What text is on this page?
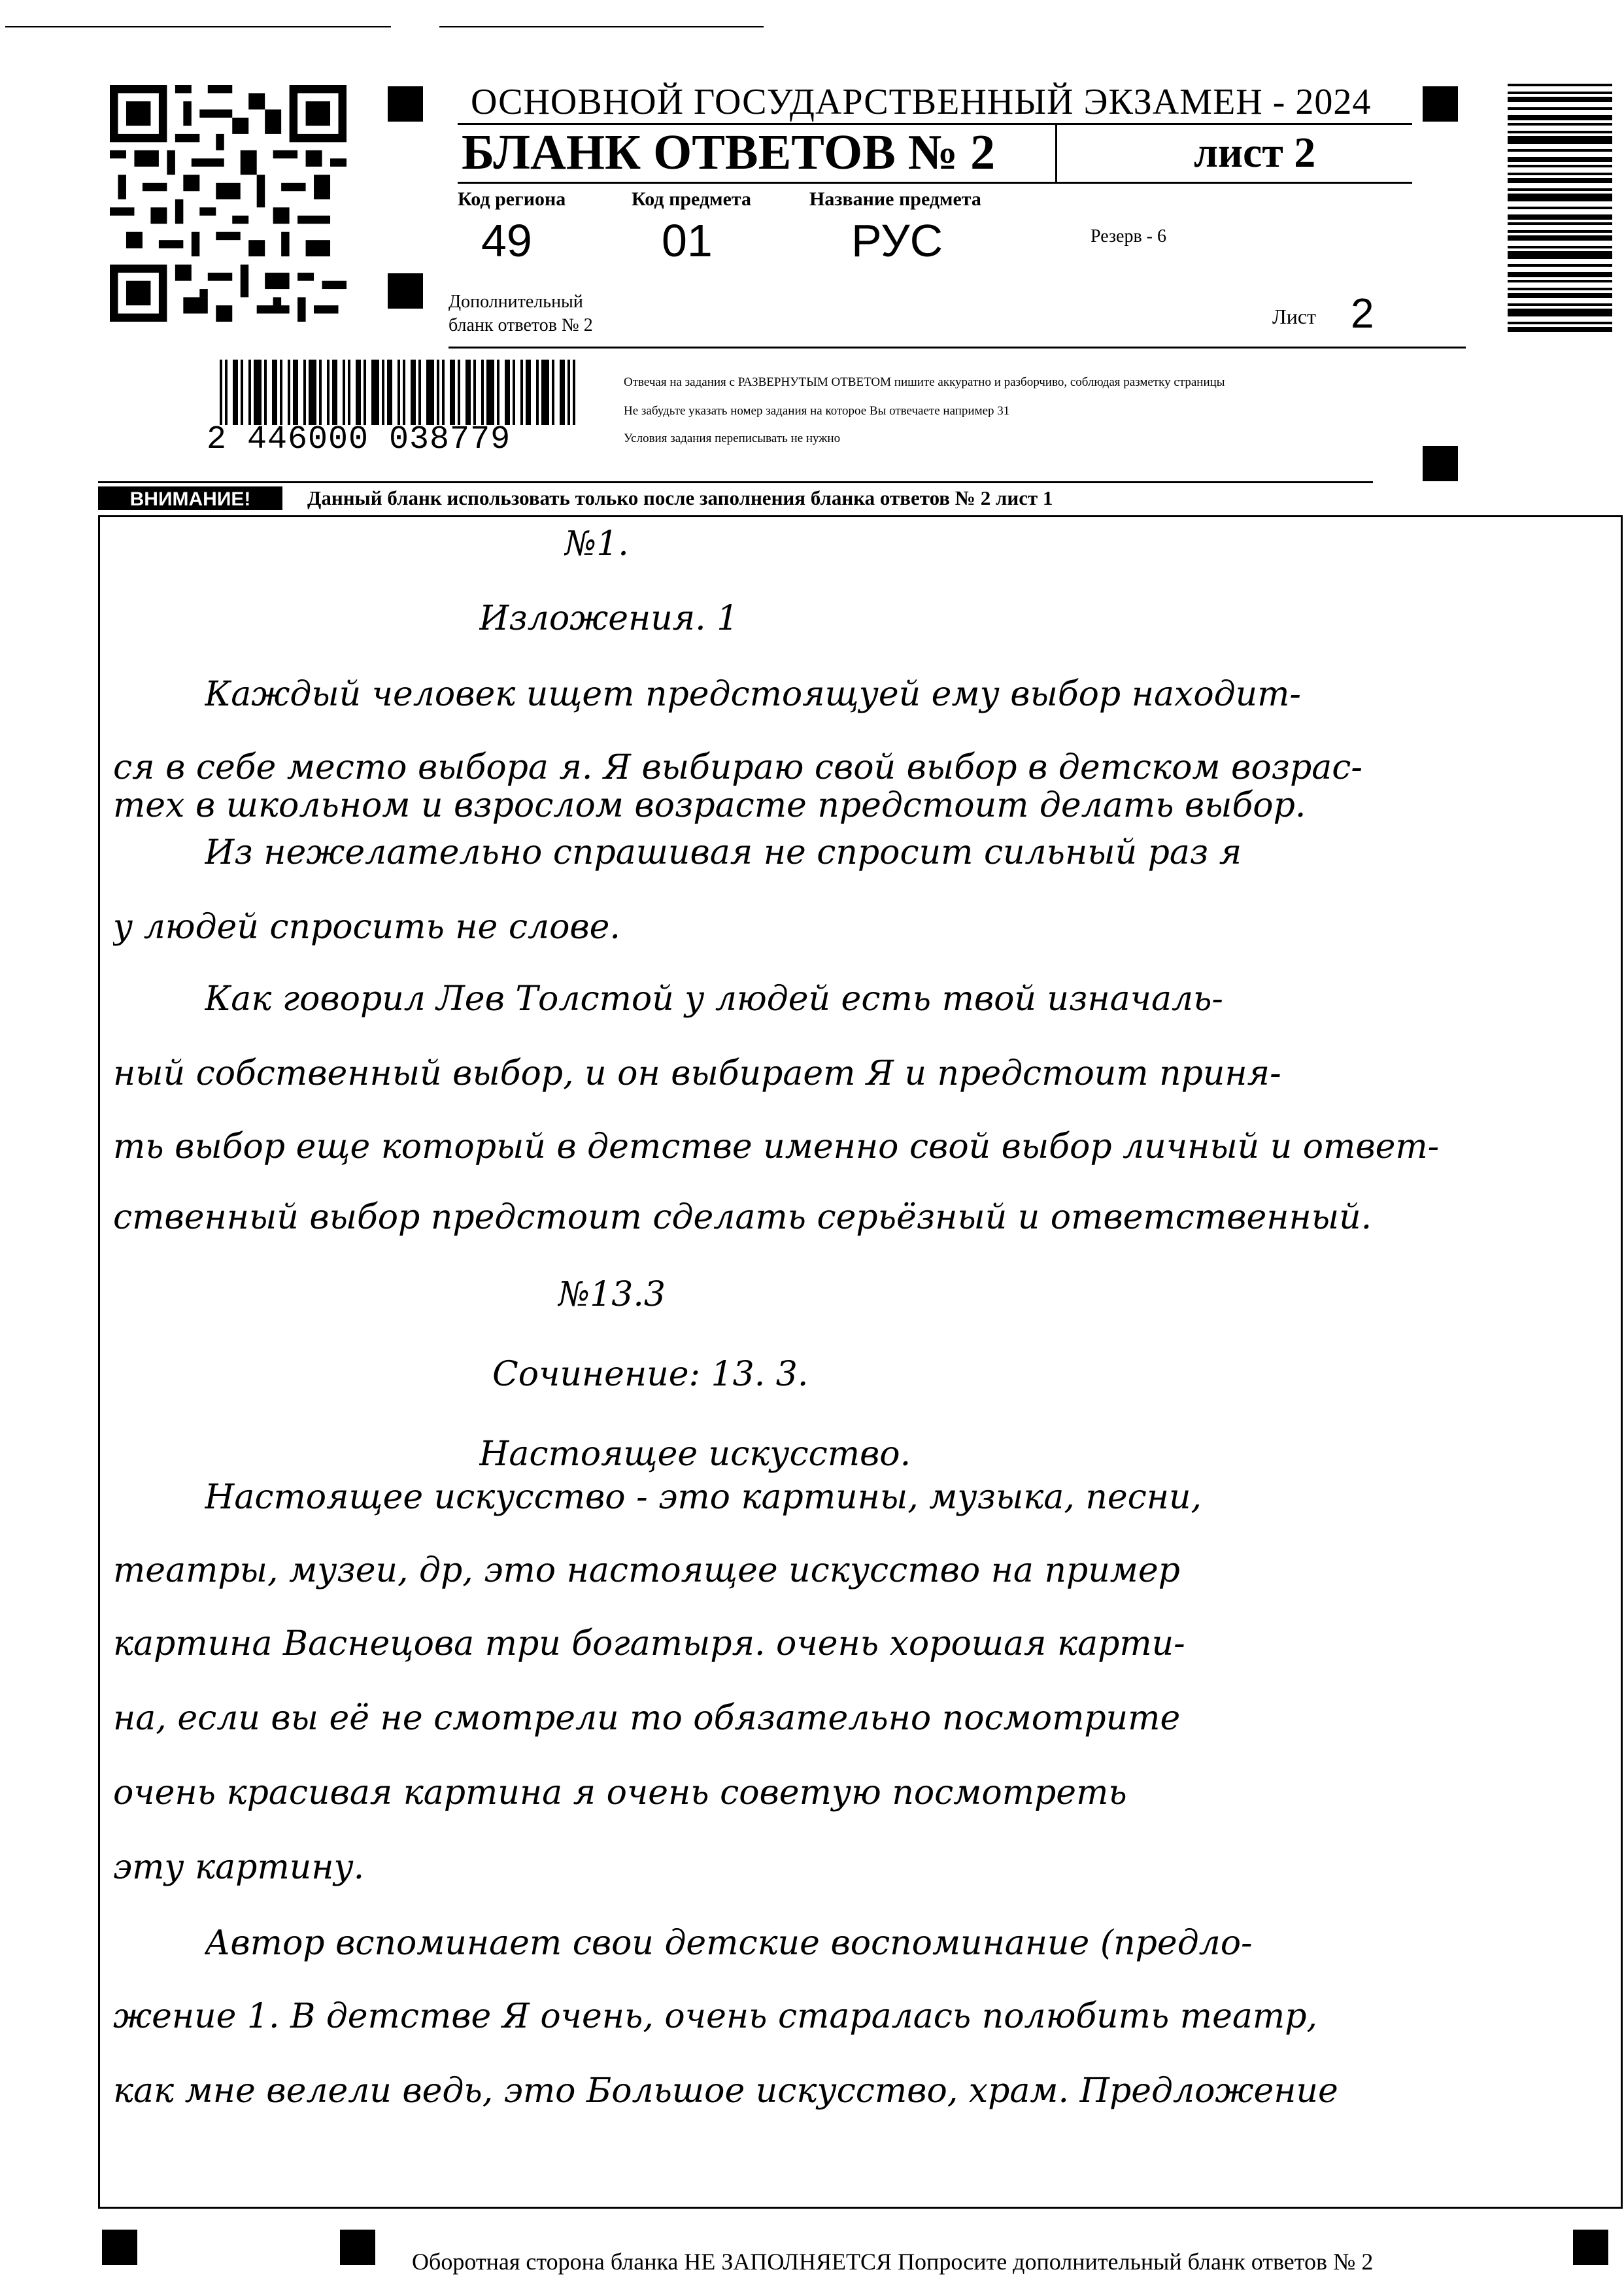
ОСНОВНОЙ ГОСУДАРСТВЕННЫЙ ЭКЗАМЕН - 2024
БЛАНК ОТВЕТОВ № 2	лист 2
Код региона
49
Код предмета
01
Название предмета
РУС	Резерв - 6
Дополнительный
бланк ответов № 2	Лист 2
2 446000 038779
Отвечая на задания с РАЗВЕРНУТЫМ ОТВЕТОМ пишите аккуратно и разборчиво, соблюдая разметку страницы
Не забудьте указать номер задания на которое Вы отвечаете например 31
Условия задания переписывать не нужно
ВНИМАНИЕ!	Данный бланк использовать только после заполнения бланка ответов № 2 лист 1
№1.
Изложения. 1
Каждый человек ищет предстоящуей ему выбор находит-
ся в себе место выбора я. Я выбираю свой выбор в детском возрас-
тех в школьном и взрослом возрасте предстоит делать выбор.
Из нежелательно спрашивая не спросит сильный раз я
у людей спросить не слове.
Как говорил Лев Толстой у людей есть твой изначаль-
ный собственный выбор, и он выбирает Я и предстоит приня-
ть выбор еще который в детстве именно свой выбор личный и ответ-
ственный выбор предстоит сделать серьёзный и ответственный.
№13.3
Сочинение: 13. 3.
Настоящее искусство.
Настоящее искусство - это картины, музыка, песни,
театры, музеи, др, это настоящее искусство на пример
картина Васнецова три богатыря. очень хорошая карти-
на, если вы её не смотрели то обязательно посмотрите
очень красивая картина я очень советую посмотреть
эту картину.
Автор вспоминает свои детские воспоминание (предло-
жение 1. В детстве Я очень, очень старалась полюбить театр,
как мне велели ведь, это Большое искусство, храм. Предложение
Оборотная сторона бланка НЕ ЗАПОЛНЯЕТСЯ Попросите дополнительный бланк ответов № 2
